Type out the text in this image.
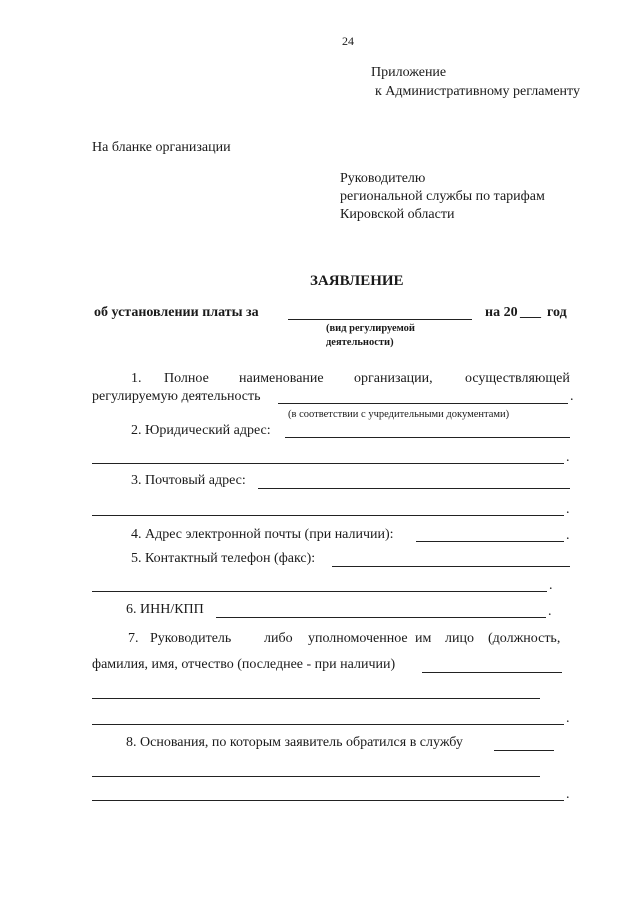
24
Приложение
к Административному регламенту
На бланке организации
Руководителю
региональной службы по тарифам
Кировской области
ЗАЯВЛЕНИЕ
об установлении платы за	на 20 ___ год
(вид регулируемой
деятельности)
1. Полное наименование организации, осуществляющей
регулируемую деятельность	.
(в соответствии с учредительными документами)
2. Юридический адрес:
.
3. Почтовый адрес:
.
4. Адрес электронной почты (при наличии):	.
5. Контактный телефон (факс):
.
6. ИНН/КПП	.
7. Руководитель либо уполномоченное им лицо (должность,
фамилия, имя, отчество (последнее - при наличии)
.
8. Основания, по которым заявитель обратился в службу
.
